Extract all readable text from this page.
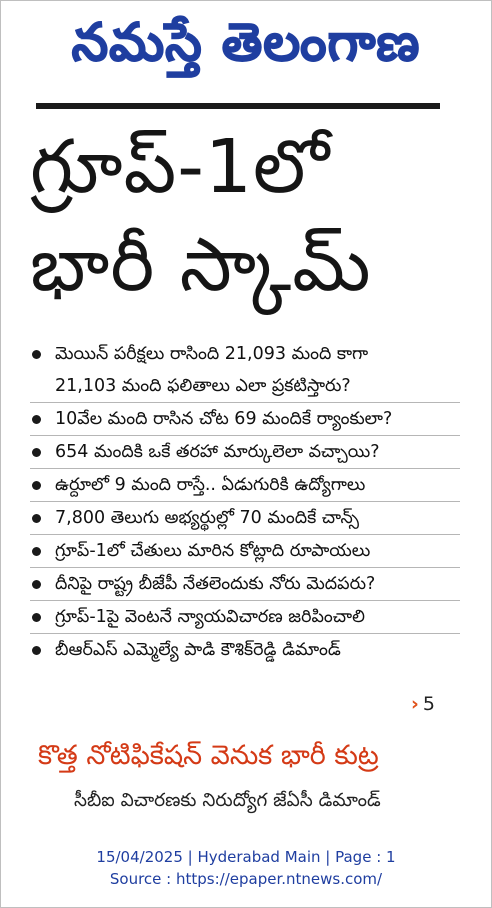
నమస్తే తెలంగాణ
గ్రూప్‌-1లో
భారీ స్కామ్‌
మెయిన్‌ పరీక్షలు రాసింది 21,093 మంది కాగా
21,103 మంది ఫలితాలు ఎలా ప్రకటిస్తారు?
10వేల మంది రాసిన చోట 69 మందికే ర్యాంకులా?
654 మందికి ఒకే తరహా మార్కులెలా వచ్చాయి?
ఉర్దూలో 9 మంది రాస్తే.. ఏడుగురికి ఉద్యోగాలు
7,800 తెలుగు అభ్యర్థుల్లో 70 మందికే చాన్స్‌
గ్రూప్‌-1లో చేతులు మారిన కోట్లాది రూపాయలు
దీనిపై రాష్ట్ర బీజేపీ నేతలెందుకు నోరు మెదపరు?
గ్రూప్‌-1పై వెంటనే న్యాయవిచారణ జరిపించాలి
బీఆర్‌ఎస్‌ ఎమ్మెల్యే పాడి కౌశిక్‌రెడ్డి డిమాండ్‌
› 5
కొత్త నోటిఫికేషన్‌ వెనుక భారీ కుట్ర
సీబీఐ విచారణకు నిరుద్యోగ జేఏసీ డిమాండ్‌
15/04/2025 | Hyderabad Main | Page : 1
Source : https://epaper.ntnews.com/
